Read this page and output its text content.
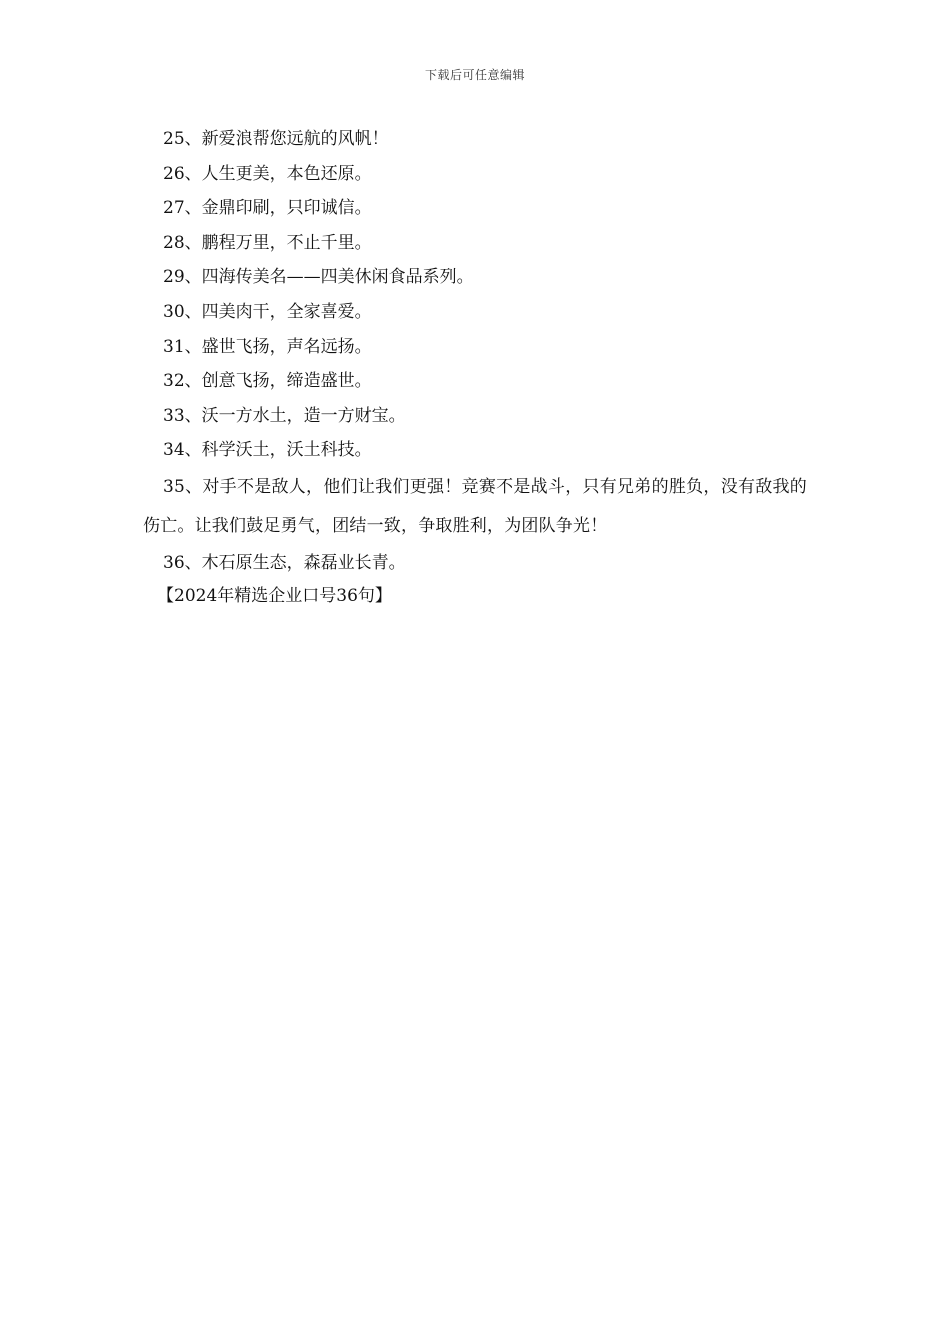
下载后可任意编辑
25、新爱浪帮您远航的风帆！
26、人生更美，本色还原。
27、金鼎印刷，只印诚信。
28、鹏程万里，不止千里。
29、四海传美名——四美休闲食品系列。
30、四美肉干，全家喜爱。
31、盛世飞扬，声名远扬。
32、创意飞扬，缔造盛世。
33、沃一方水土，造一方财宝。
34、科学沃土，沃土科技。

35、对手不是敌人，他们让我们更强！竞赛不是战斗，只有兄弟的胜负，没有敌我的伤亡。让我们鼓足勇气，团结一致，争取胜利，为团队争光！

36、木石原生态，森磊业长青。
【2024年精选企业口号36句】
